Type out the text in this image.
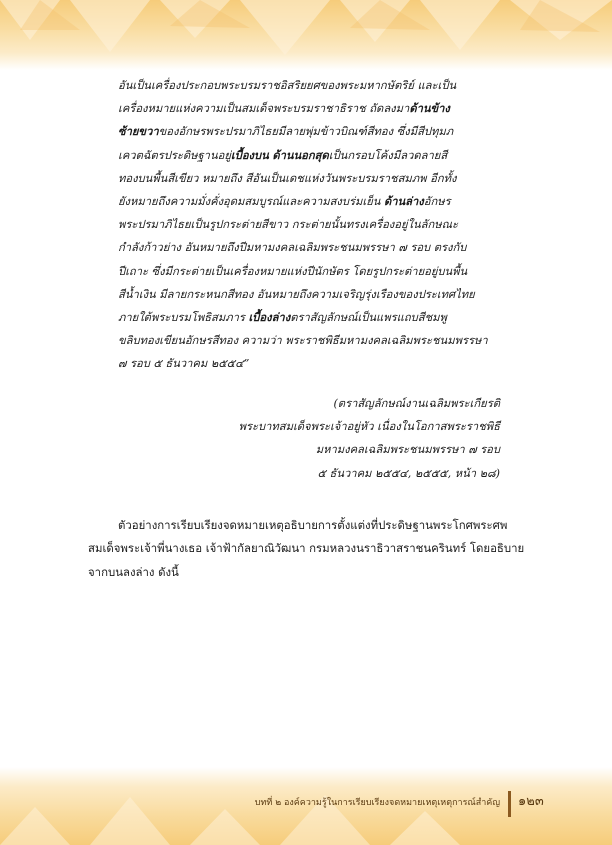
อันเป็นเครื่องประกอบพระบรมราชอิสริยยศของพระมหากษัตริย์ และเป็น
เครื่องหมายแห่งความเป็นสมเด็จพระบรมราชาธิราช ถัดลงมาด้านข้าง
ซ้ายขวาของอักษรพระปรมาภิไธยมีลายพุ่มข้าวบิณฑ์สีทอง ซึ่งมีสีปทุมภ
เควตฉัตรประดิษฐานอยู่เบื้องบน ด้านนอกสุดเป็นกรอบโค้งมีลวดลายสี
ทองบนพื้นสีเขียว หมายถึง สีอันเป็นเดชแห่งวันพระบรมราชสมภพ อีกทั้ง
ยังหมายถึงความมั่งคั่งอุดมสมบูรณ์และความสงบร่มเย็น ด้านล่างอักษร
พระปรมาภิไธยเป็นรูปกระต่ายสีขาว กระต่ายนั้นทรงเครื่องอยู่ในลักษณะ
กำลังก้าวย่าง อันหมายถึงปีมหามงคลเฉลิมพระชนมพรรษา ๗ รอบ ตรงกับ
ปีเถาะ ซึ่งมีกระต่ายเป็นเครื่องหมายแห่งปีนักษัตร โดยรูปกระต่ายอยู่บนพื้น
สีน้ำเงิน มีลายกระหนกสีทอง อันหมายถึงความเจริญรุ่งเรืองของประเทศไทย
ภายใต้พระบรมโพธิสมภาร เบื้องล่างตราสัญลักษณ์เป็นแพรแถบสีชมพู
ขลิบทองเขียนอักษรสีทอง ความว่า พระราชพิธีมหามงคลเฉลิมพระชนมพรรษา
๗ รอบ ๕ ธันวาคม ๒๕๕๔”
(ตราสัญลักษณ์งานเฉลิมพระเกียรติ
พระบาทสมเด็จพระเจ้าอยู่หัว เนื่องในโอกาสพระราชพิธี
มหามงคลเฉลิมพระชนมพรรษา ๗ รอบ
๕ ธันวาคม ๒๕๕๔, ๒๕๕๕, หน้า ๒๘)
ตัวอย่างการเรียบเรียงจดหมายเหตุอธิบายการตั้งแต่งที่ประดิษฐานพระโกศพระศพ
สมเด็จพระเจ้าพี่นางเธอ เจ้าฟ้ากัลยาณิวัฒนา กรมหลวงนราธิวาสราชนครินทร์ โดยอธิบาย
จากบนลงล่าง ดังนี้
บทที่ ๒ องค์ความรู้ในการเรียบเรียงจดหมายเหตุเหตุการณ์สำคัญ ๑๒๓
